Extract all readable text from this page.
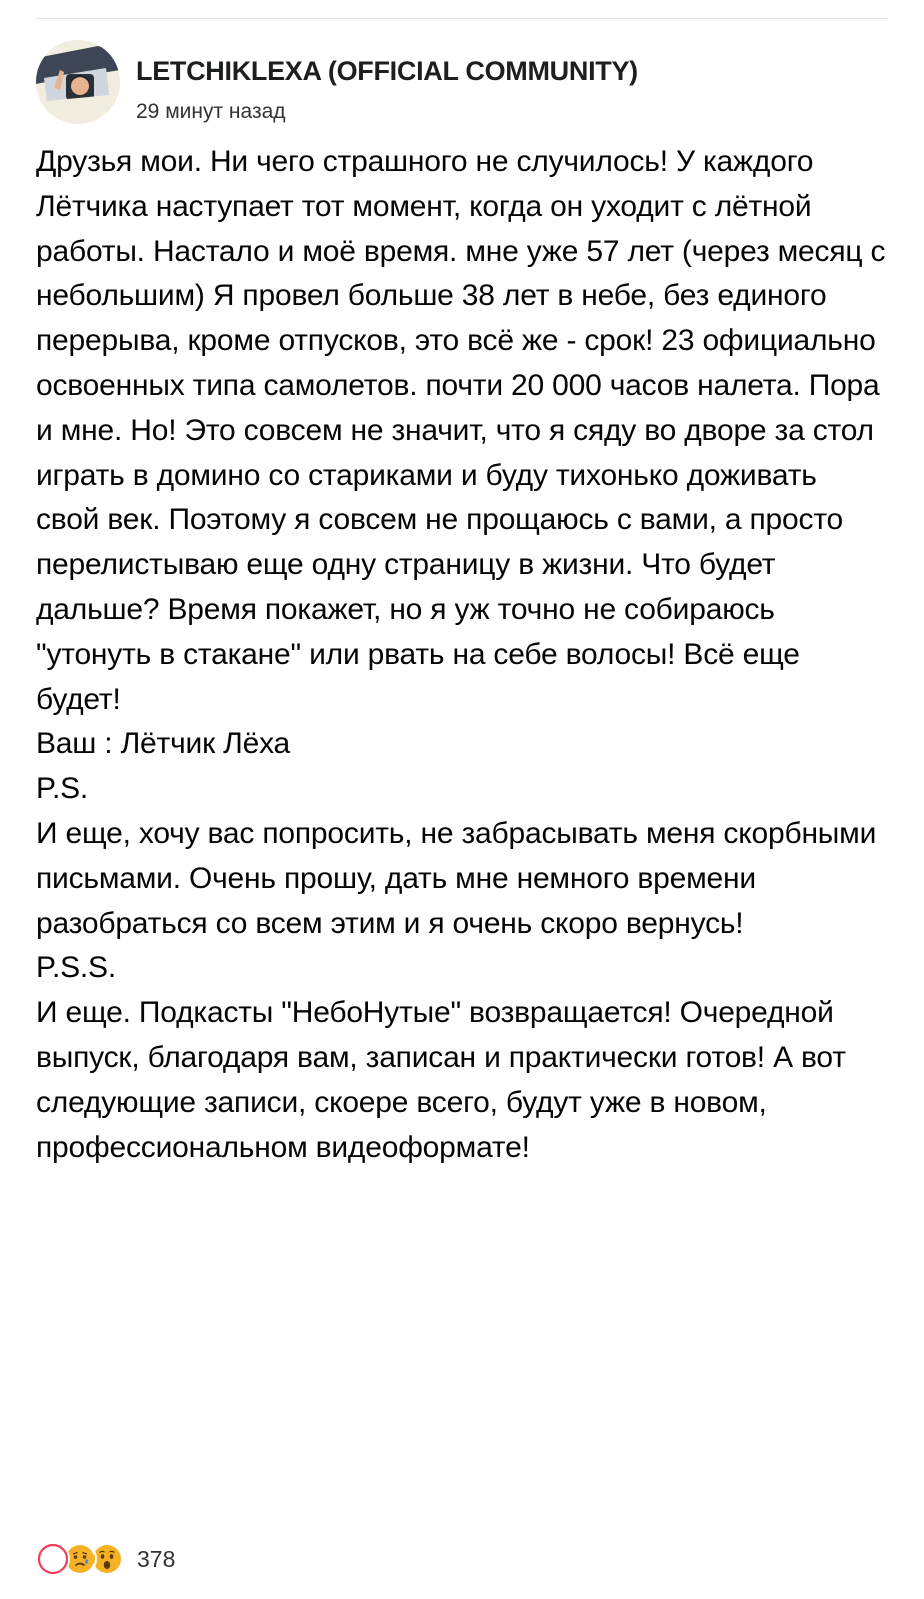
LETCHIKLEXA (OFFICIAL COMMUNITY)
29 минут назад

Друзья мои. Ни чего страшного не случилось! У каждого Лётчика наступает тот момент, когда он уходит с лётной работы. Настало и моё время. мне уже 57 лет (через месяц с небольшим) Я провел больше 38 лет в небе, без единого перерыва, кроме отпусков, это всё же - срок! 23 официально освоенных типа самолетов. почти 20 000 часов налета. Пора и мне. Но! Это совсем не значит, что я сяду во дворе за стол играть в домино со стариками и буду тихонько доживать свой век. Поэтому я совсем не прощаюсь с вами, а просто перелистываю еще одну страницу в жизни. Что будет дальше? Время покажет, но я уж точно не собираюсь "утонуть в стакане" или рвать на себе волосы! Всё еще будет!

Ваш : Лётчик Лёха

P.S.

И еще, хочу вас попросить, не забрасывать меня скорбными письмами. Очень прошу, дать мне немного времени разобраться со всем этим и я очень скоро вернусь!

P.S.S.

И еще. Подкасты "НебоНутые" возвращается! Очередной выпуск, благодаря вам, записан и практически готов! А вот следующие записи, скоере всего, будут уже в новом, профессиональном видеоформате!

378
